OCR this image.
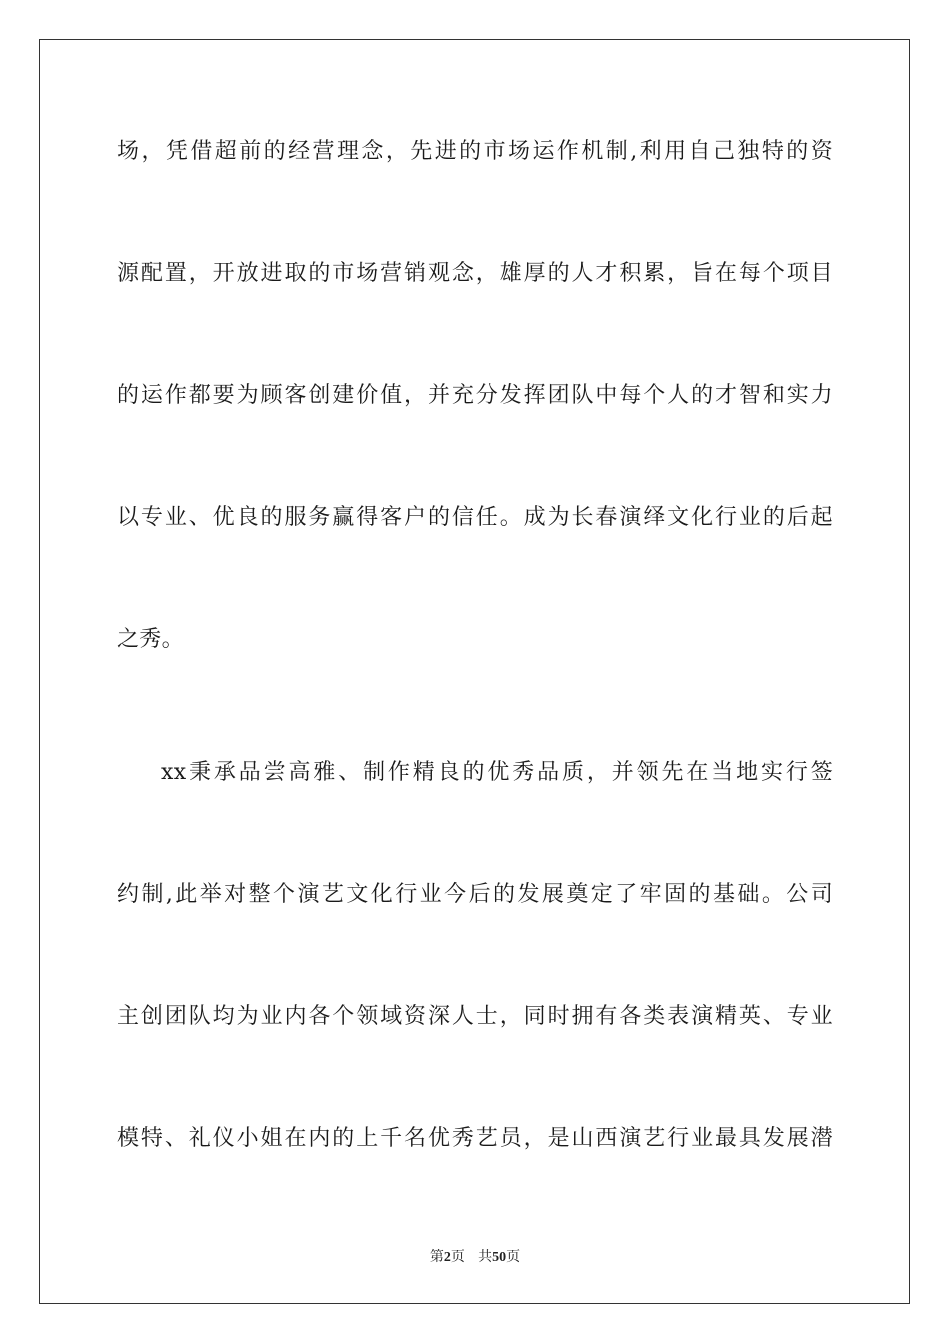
场，凭借超前的经营理念，先进的市场运作机制,利用自己独特的资
源配置，开放进取的市场营销观念，雄厚的人才积累，旨在每个项目
的运作都要为顾客创建价值，并充分发挥团队中每个人的才智和实力
以专业、优良的服务赢得客户的信任。成为长春演绎文化行业的后起
之秀。
xx秉承品尝高雅、制作精良的优秀品质，并领先在当地实行签
约制,此举对整个演艺文化行业今后的发展奠定了牢固的基础。公司
主创团队均为业内各个领域资深人士，同时拥有各类表演精英、专业
模特、礼仪小姐在内的上千名优秀艺员，是山西演艺行业最具发展潜
第2页 共50页
